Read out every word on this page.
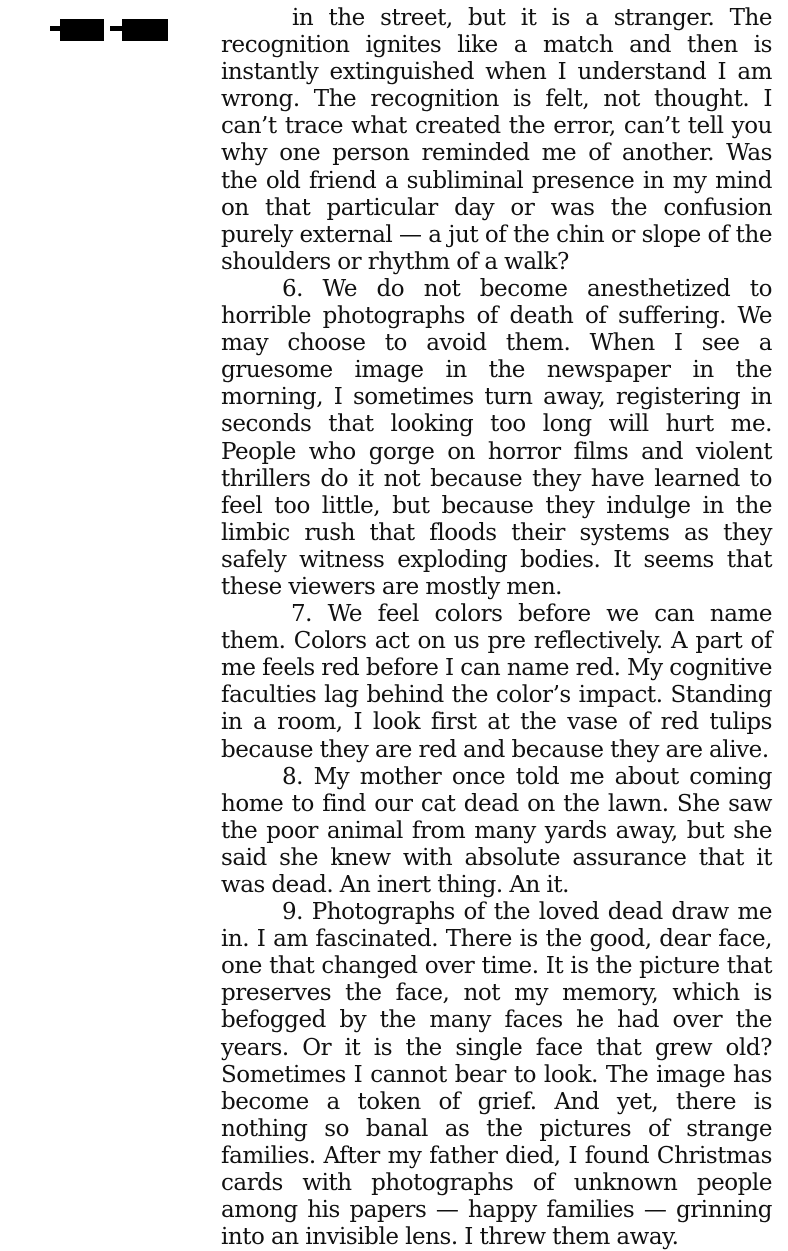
in the street, but it is a stranger. The recognition ignites like a match and then is instantly extinguished when I understand I am wrong. The recognition is felt, not thought. I can’t trace what created the error, can’t tell you why one person reminded me of another. Was the old friend a subliminal presence in my mind on that particular day or was the confusion purely external — a jut of the chin or slope of the shoulders or rhythm of a walk?

6. We do not become anesthetized to horrible photographs of death of suffering. We may choose to avoid them. When I see a gruesome image in the newspaper in the morning, I sometimes turn away, registering in seconds that looking too long will hurt me. People who gorge on horror films and violent thrillers do it not because they have learned to feel too little, but because they indulge in the limbic rush that floods their systems as they safely witness exploding bodies. It seems that these viewers are mostly men.

7. We feel colors before we can name them. Colors act on us pre reflectively. A part of me feels red before I can name red. My cognitive faculties lag behind the color’s impact. Standing in a room, I look first at the vase of red tulips because they are red and because they are alive.

8. My mother once told me about coming home to find our cat dead on the lawn. She saw the poor animal from many yards away, but she said she knew with absolute assurance that it was dead. An inert thing. An it.

9. Photographs of the loved dead draw me in. I am fascinated. There is the good, dear face, one that changed over time. It is the picture that preserves the face, not my memory, which is befogged by the many faces he had over the years. Or it is the single face that grew old? Sometimes I cannot bear to look. The image has become a token of grief. And yet, there is nothing so banal as the pictures of strange families. After my father died, I found Christmas cards with photographs of unknown people among his papers — happy families — grinning into an invisible lens. I threw them away.
